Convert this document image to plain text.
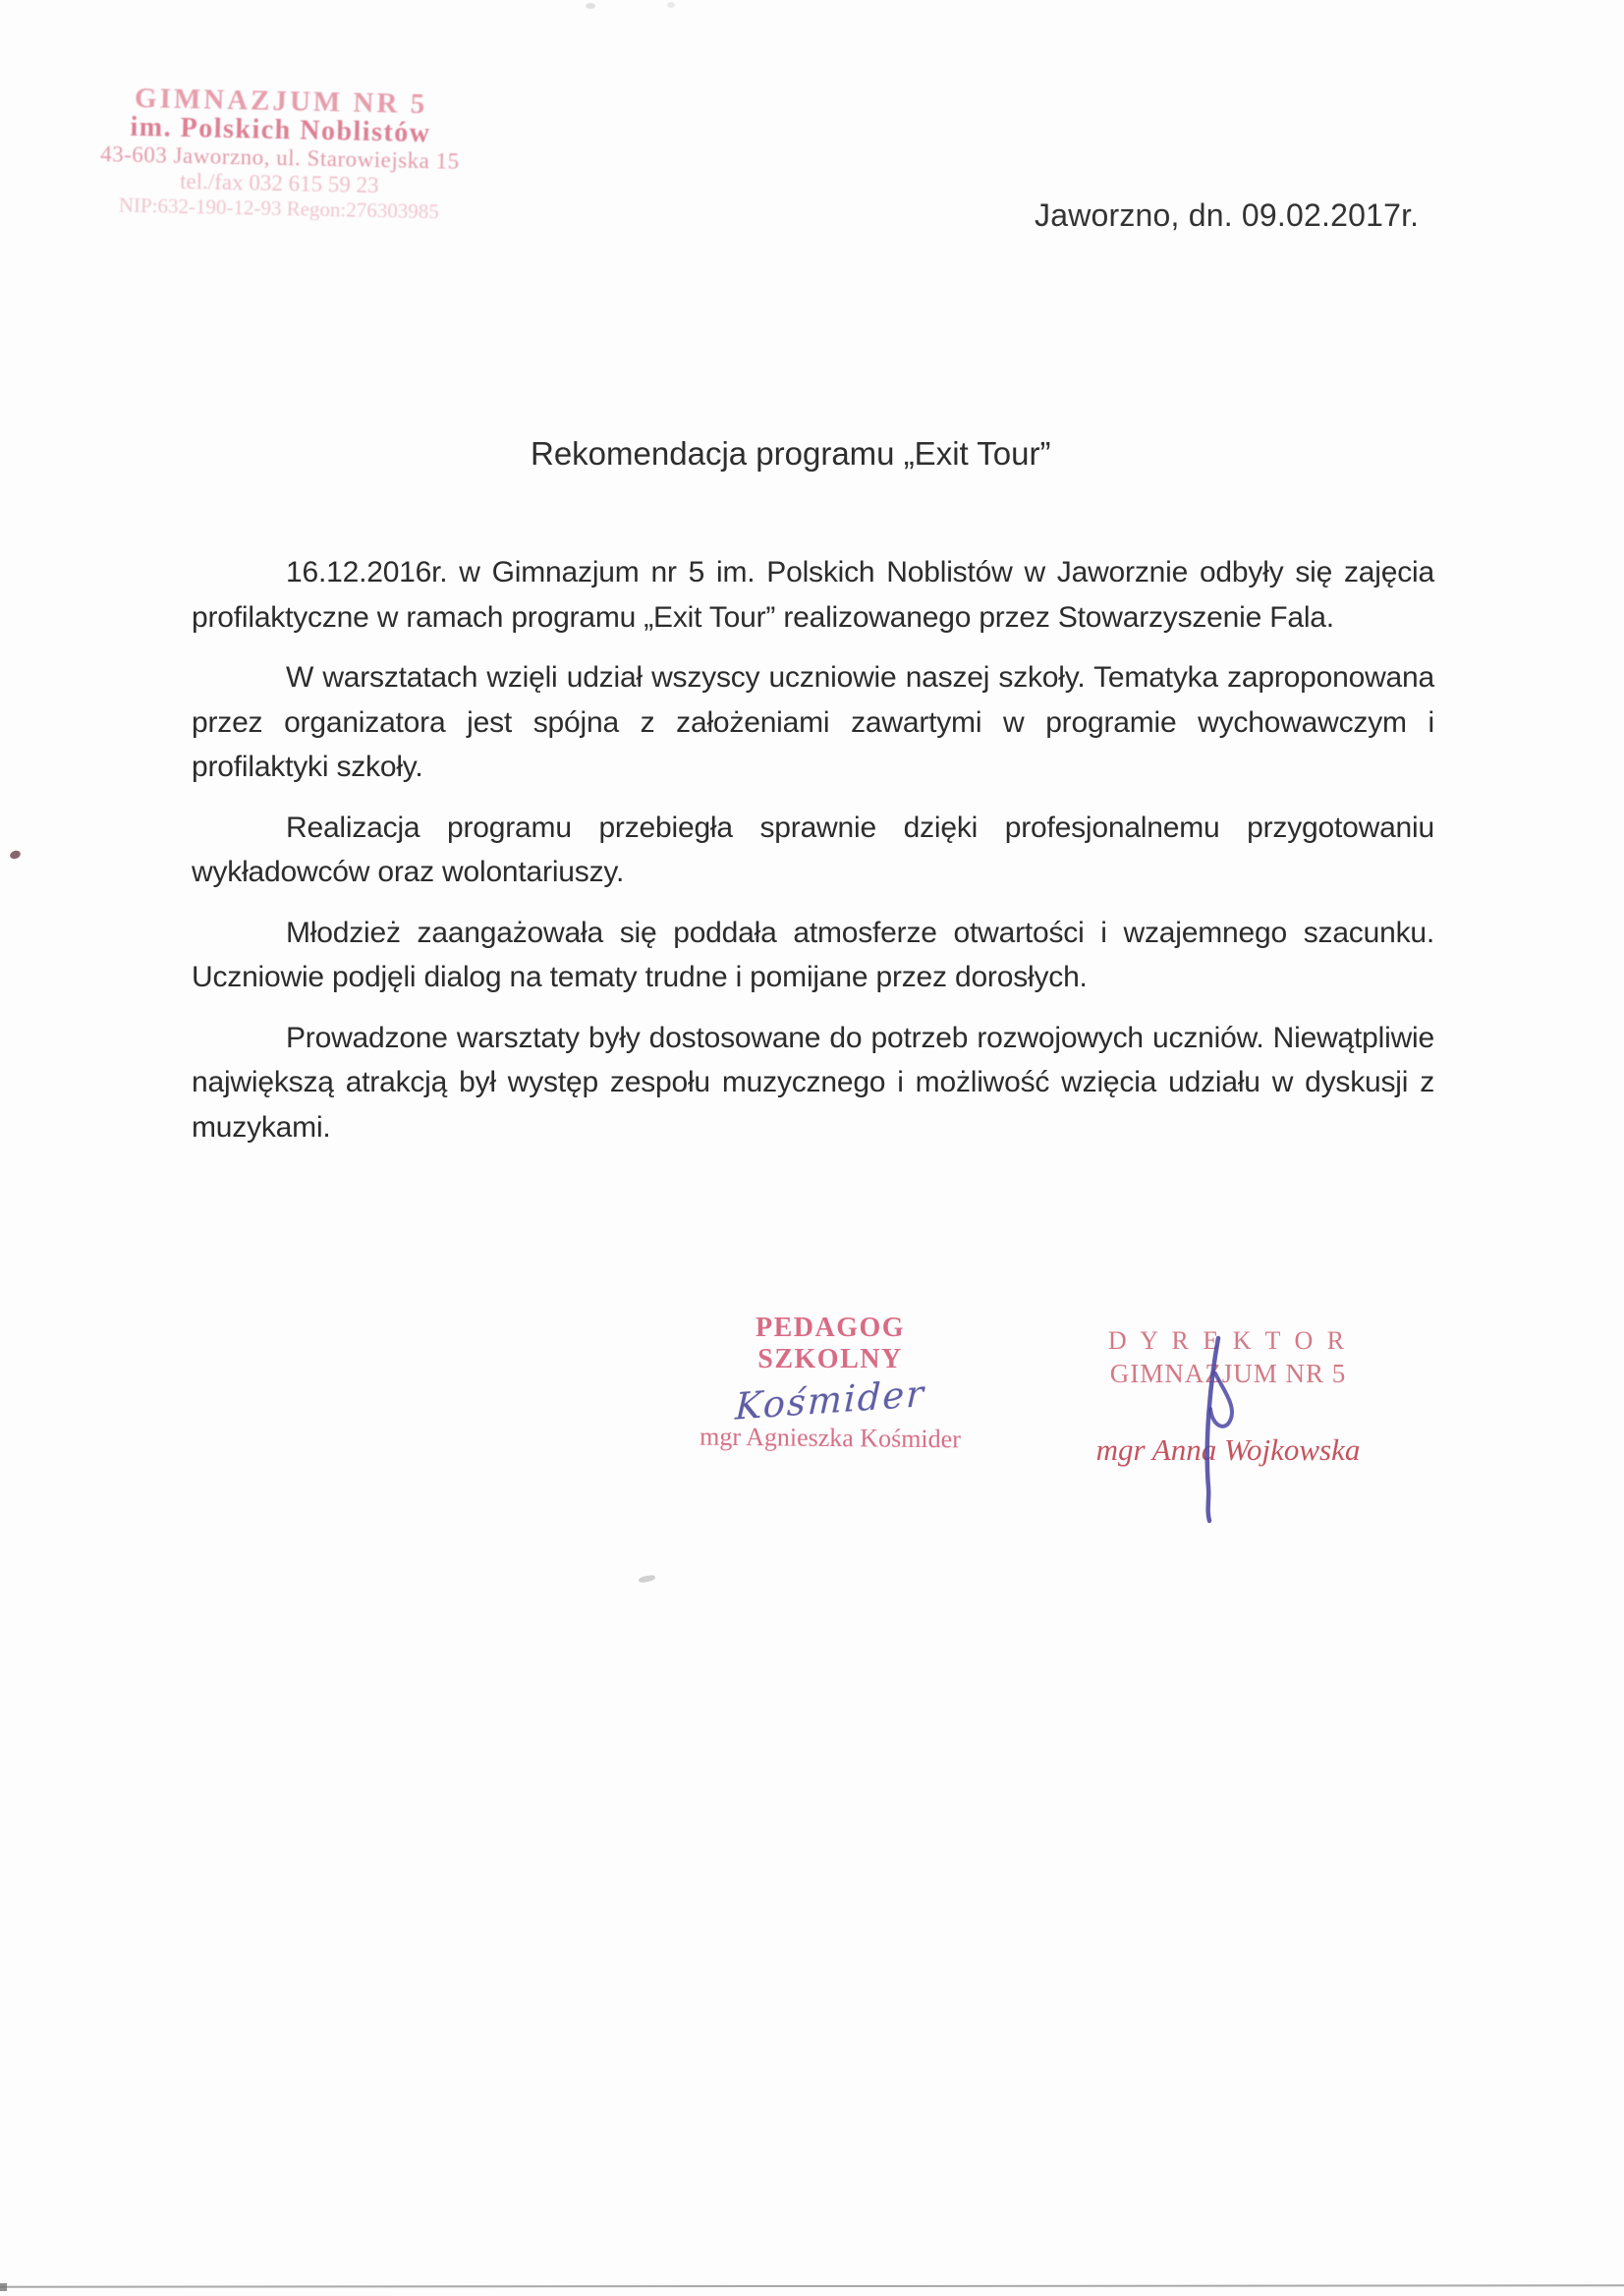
GIMNAZJUM NR 5
im. Polskich Noblistów
43-603 Jaworzno, ul. Starowiejska 15
tel./fax 032 615 59 23
NIP:632-190-12-93 Regon:276303985	Jaworzno, dn. 09.02.2017r.
Rekomendacja programu „Exit Tour”

16.12.2016r. w Gimnazjum nr 5 im. Polskich Noblistów w Jaworznie odbyły się zajęcia profilaktyczne w ramach programu „Exit Tour” realizowanego przez Stowarzyszenie Fala.

W warsztatach wzięli udział wszyscy uczniowie naszej szkoły. Tematyka zaproponowana przez organizatora jest spójna z założeniami zawartymi w programie wychowawczym i profilaktyki szkoły.

Realizacja programu przebiegła sprawnie dzięki profesjonalnemu przygotowaniu wykładowców oraz wolontariuszy.

Młodzież zaangażowała się poddała atmosferze otwartości i wzajemnego szacunku. Uczniowie podjęli dialog na tematy trudne i pomijane przez dorosłych.

Prowadzone warsztaty były dostosowane do potrzeb rozwojowych uczniów. Niewątpliwie największą atrakcją był występ zespołu muzycznego i możliwość wzięcia udziału w dyskusji z muzykami.

PEDAGOG SZKOLNY
Kośmider
mgr Agnieszka Kośmider
D Y R E K T O R
GIMNAZJUM NR 5
mgr Anna Wojkowska
